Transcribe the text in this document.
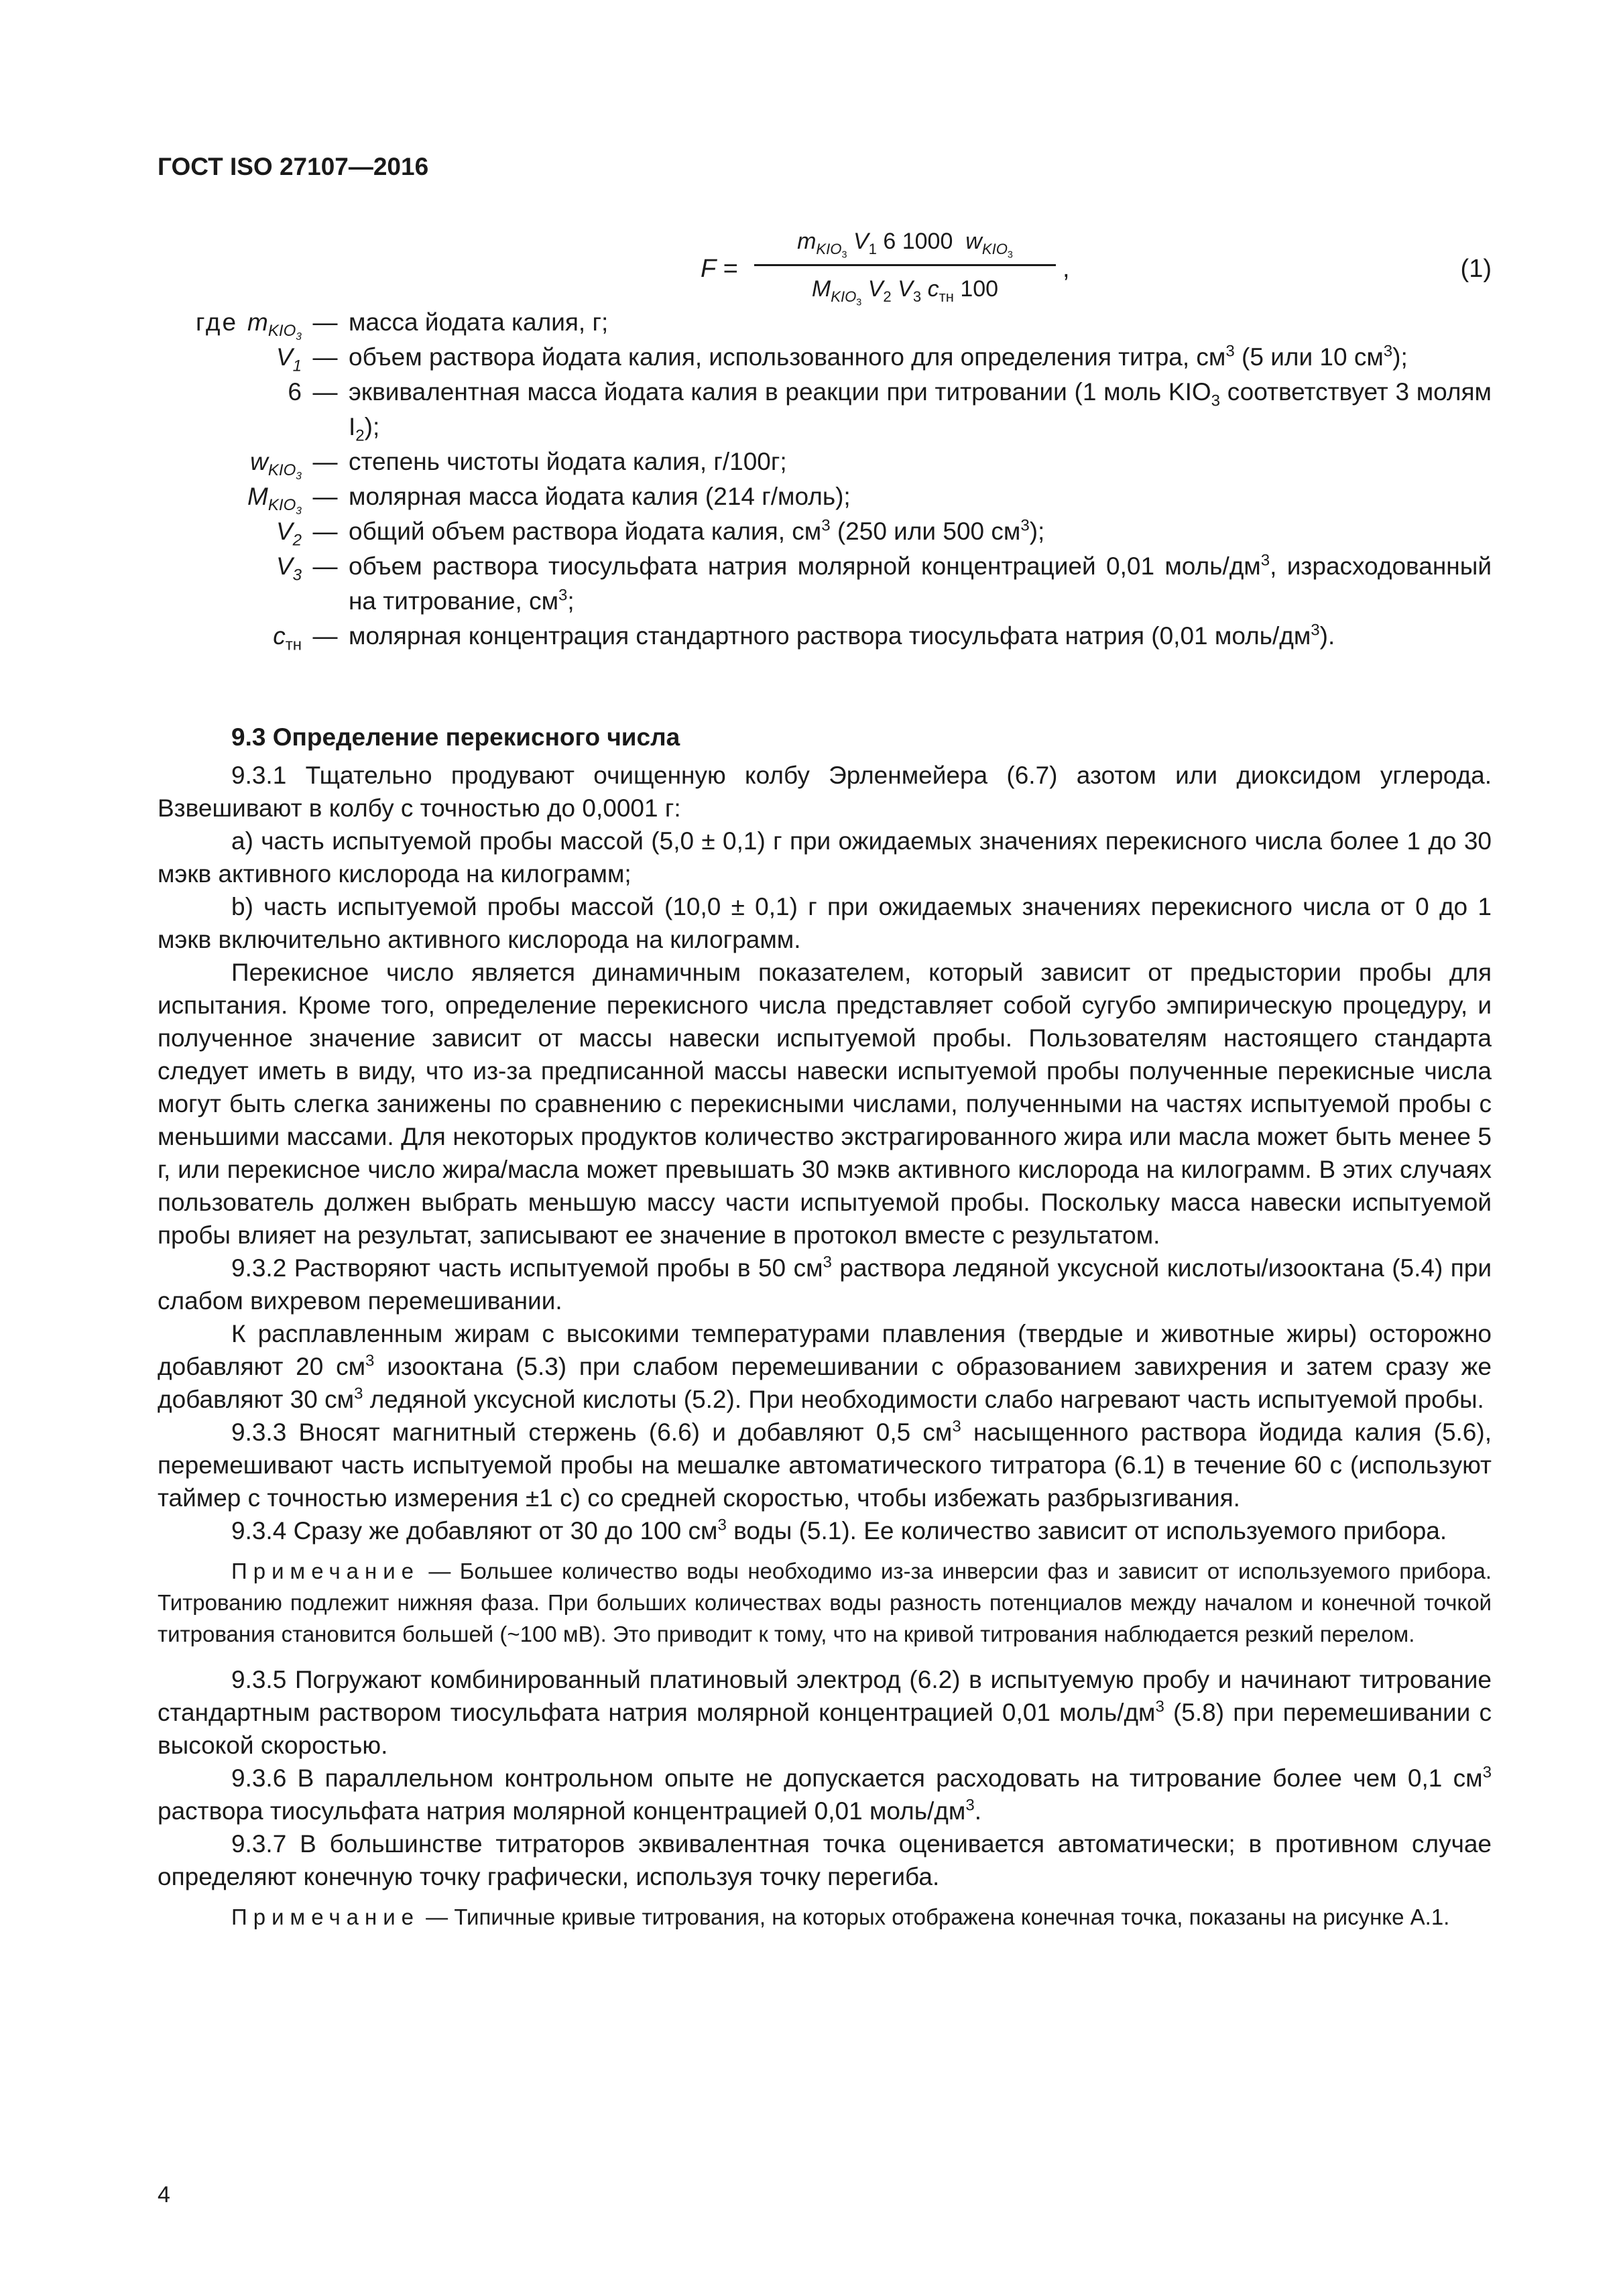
ГОСТ ISO 27107—2016
F =
$m_{KIO_3}$ $V_1$ 6 1000  $w_{KIO_3}$
$M_{KIO_3}$ $V_2$ $V_3$ $c_{тн}$ 100
,	(1)
где $m_{KIO_3}$
— масса йодата калия, г;
$V_1$ — объем раствора йодата калия, использованного для определения титра, $см^3$ (5 или 10 $см^3$);
6 — эквивалентная масса йодата калия в реакции при титровании (1 моль $KIO_3$ соответствует 3 молям $I_2$);
$w_{KIO_3}$
— степень чистоты йодата калия, г/100г;
$M_{KIO_3}$
— молярная масса йодата калия (214 г/моль);
$V_2$ — общий объем раствора йодата калия, $см^3$ (250 или 500 $см^3$);
$V_3$ — объем раствора тиосульфата натрия молярной концентрацией 0,01 моль/$дм^3$, израсходованный на титрование, $см^3$;
$c_{тн}$ — молярная концентрация стандартного раствора тиосульфата натрия (0,01 моль/$дм^3$).
9.3 Определение перекисного числа

9.3.1 Тщательно продувают очищенную колбу Эрленмейера (6.7) азотом или диоксидом углерода. Взвешивают в колбу с точностью до 0,0001 г:

a) часть испытуемой пробы массой (5,0 ± 0,1) г при ожидаемых значениях перекисного числа более 1 до 30 мэкв активного кислорода на килограмм;

b) часть испытуемой пробы массой (10,0 ± 0,1) г при ожидаемых значениях перекисного числа от 0 до 1 мэкв включительно активного кислорода на килограмм.

Перекисное число является динамичным показателем, который зависит от предыстории пробы для испытания. Кроме того, определение перекисного числа представляет собой сугубо эмпирическую процедуру, и полученное значение зависит от массы навески испытуемой пробы. Пользователям настоящего стандарта следует иметь в виду, что из-за предписанной массы навески испытуемой пробы полученные перекисные числа могут быть слегка занижены по сравнению с перекисными числами, полученными на частях испытуемой пробы с меньшими массами. Для некоторых продуктов количество экстрагированного жира или масла может быть менее 5 г, или перекисное число жира/масла может превышать 30 мэкв активного кислорода на килограмм. В этих случаях пользователь должен выбрать меньшую массу части испытуемой пробы. Поскольку масса навески испытуемой пробы влияет на результат, записывают ее значение в протокол вместе с результатом.

9.3.2 Растворяют часть испытуемой пробы в 50 $см^3$ раствора ледяной уксусной кислоты/изооктана (5.4) при слабом вихревом перемешивании.

К расплавленным жирам с высокими температурами плавления (твердые и животные жиры) осторожно добавляют 20 $см^3$ изооктана (5.3) при слабом перемешивании с образованием завихрения и затем сразу же добавляют 30 $см^3$ ледяной уксусной кислоты (5.2). При необходимости слабо нагревают часть испытуемой пробы.

9.3.3 Вносят магнитный стержень (6.6) и добавляют 0,5 $см^3$ насыщенного раствора йодида калия (5.6), перемешивают часть испытуемой пробы на мешалке автоматического титратора (6.1) в течение 60 с (используют таймер с точностью измерения ±1 с) со средней скоростью, чтобы избежать разбрызгивания.

9.3.4 Сразу же добавляют от 30 до 100 $см^3$ воды (5.1). Ее количество зависит от используемого прибора.

Примечание — Большее количество воды необходимо из-за инверсии фаз и зависит от используемого прибора. Титрованию подлежит нижняя фаза. При больших количествах воды разность потенциалов между началом и конечной точкой титрования становится большей (~100 мВ). Это приводит к тому, что на кривой титрования наблюдается резкий перелом.

9.3.5 Погружают комбинированный платиновый электрод (6.2) в испытуемую пробу и начинают титрование стандартным раствором тиосульфата натрия молярной концентрацией 0,01 моль/$дм^3$ (5.8) при перемешивании с высокой скоростью.

9.3.6 В параллельном контрольном опыте не допускается расходовать на титрование более чем 0,1 $см^3$ раствора тиосульфата натрия молярной концентрацией 0,01 моль/$дм^3$.

9.3.7 В большинстве титраторов эквивалентная точка оценивается автоматически; в противном случае определяют конечную точку графически, используя точку перегиба.

Примечание — Типичные кривые титрования, на которых отображена конечная точка, показаны на рисунке А.1.

4
